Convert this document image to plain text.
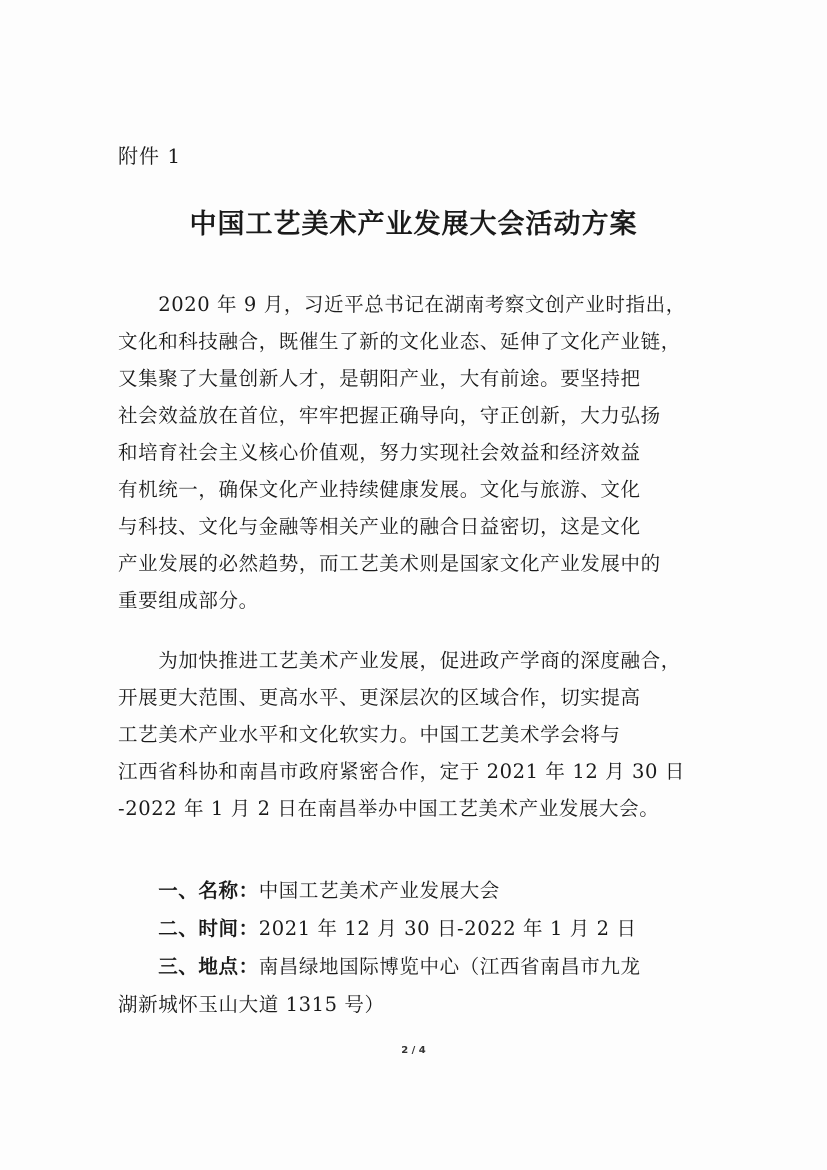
附件 1
中国工艺美术产业发展大会活动方案
　　2020 年 9 月，习近平总书记在湖南考察文创产业时指出，
文化和科技融合，既催生了新的文化业态、延伸了文化产业链，
又集聚了大量创新人才，是朝阳产业，大有前途。要坚持把
社会效益放在首位，牢牢把握正确导向，守正创新，大力弘扬
和培育社会主义核心价值观，努力实现社会效益和经济效益
有机统一，确保文化产业持续健康发展。文化与旅游、文化
与科技、文化与金融等相关产业的融合日益密切，这是文化
产业发展的必然趋势，而工艺美术则是国家文化产业发展中的
重要组成部分。
　　为加快推进工艺美术产业发展，促进政产学商的深度融合，
开展更大范围、更高水平、更深层次的区域合作，切实提高
工艺美术产业水平和文化软实力。中国工艺美术学会将与
江西省科协和南昌市政府紧密合作，定于 2021 年 12 月 30 日
-2022 年 1 月 2 日在南昌举办中国工艺美术产业发展大会。
　　一、名称：中国工艺美术产业发展大会
　　二、时间：2021 年 12 月 30 日-2022 年 1 月 2 日
　　三、地点：南昌绿地国际博览中心（江西省南昌市九龙
湖新城怀玉山大道 1315 号）
2 / 4
